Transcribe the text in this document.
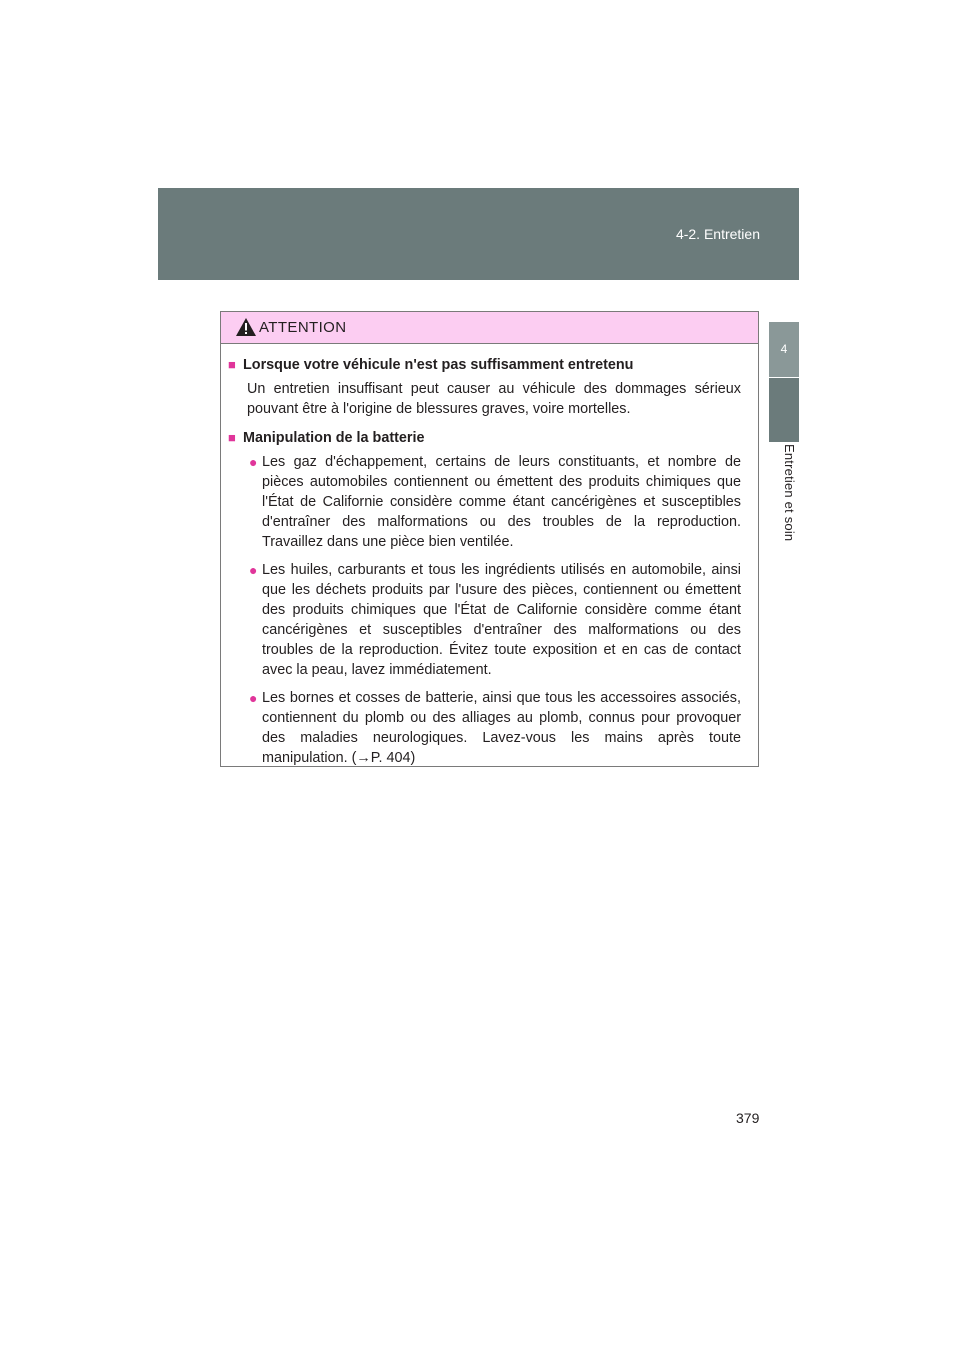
4-2. Entretien
4
Entretien et soin
ATTENTION
■ Lorsque votre véhicule n'est pas suffisamment entretenu
Un entretien insuffisant peut causer au véhicule des dommages sérieux pouvant être à l'origine de blessures graves, voire mortelles.
■ Manipulation de la batterie
● Les gaz d'échappement, certains de leurs constituants, et nombre de pièces automobiles contiennent ou émettent des produits chimiques que l'État de Californie considère comme étant cancérigènes et susceptibles d'entraîner des malformations ou des troubles de la reproduction. Travaillez dans une pièce bien ventilée.
● Les huiles, carburants et tous les ingrédients utilisés en automobile, ainsi que les déchets produits par l'usure des pièces, contiennent ou émettent des produits chimiques que l'État de Californie considère comme étant cancérigènes et susceptibles d'entraîner des malformations ou des troubles de la reproduction. Évitez toute exposition et en cas de contact avec la peau, lavez immédiatement.
● Les bornes et cosses de batterie, ainsi que tous les accessoires associés, contiennent du plomb ou des alliages au plomb, connus pour provoquer des maladies neurologiques. Lavez-vous les mains après toute manipulation. (→P. 404)
379
